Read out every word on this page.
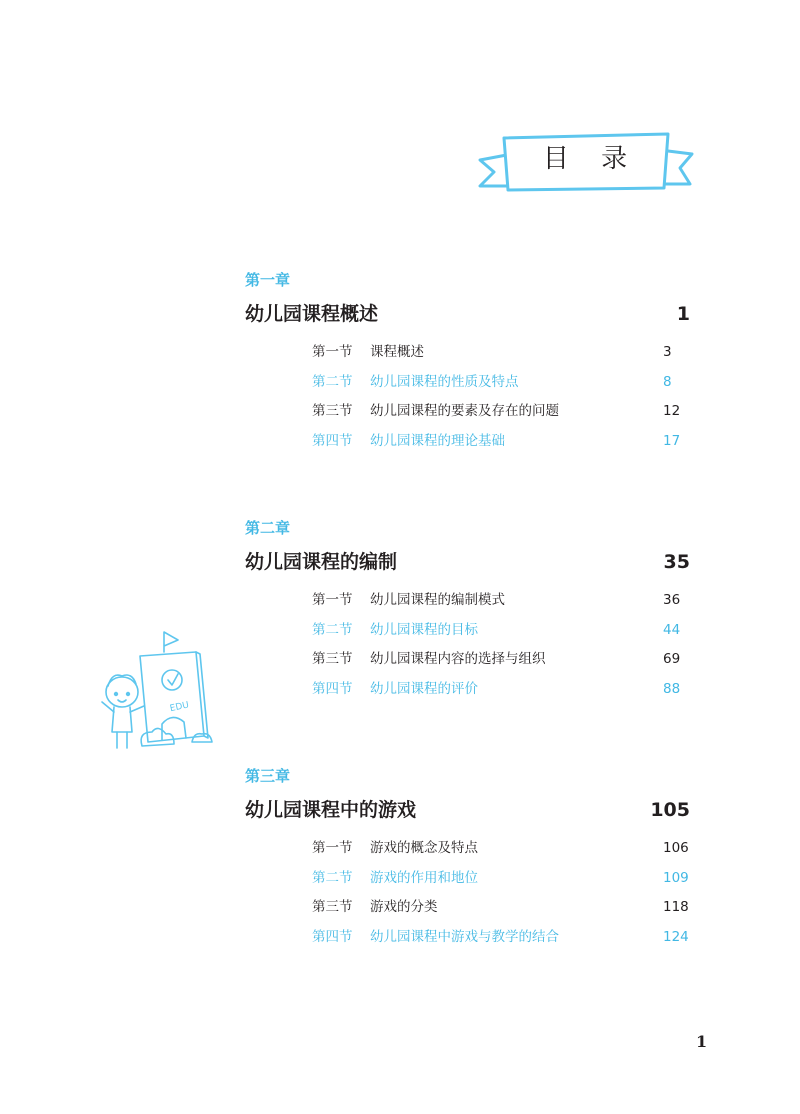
目 录
第一章
幼儿园课程概述	1
第一节 课程概述	3
第二节 幼儿园课程的性质及特点	8
第三节 幼儿园课程的要素及存在的问题	12
第四节 幼儿园课程的理论基础	17
第二章
幼儿园课程的编制	35
第一节 幼儿园课程的编制模式	36
第二节 幼儿园课程的目标	44
第三节 幼儿园课程内容的选择与组织	69
第四节 幼儿园课程的评价	88
第三章
幼儿园课程中的游戏	105
第一节 游戏的概念及特点	106
第二节 游戏的作用和地位	109
第三节 游戏的分类	118
第四节 幼儿园课程中游戏与教学的结合	124
EDU
1
